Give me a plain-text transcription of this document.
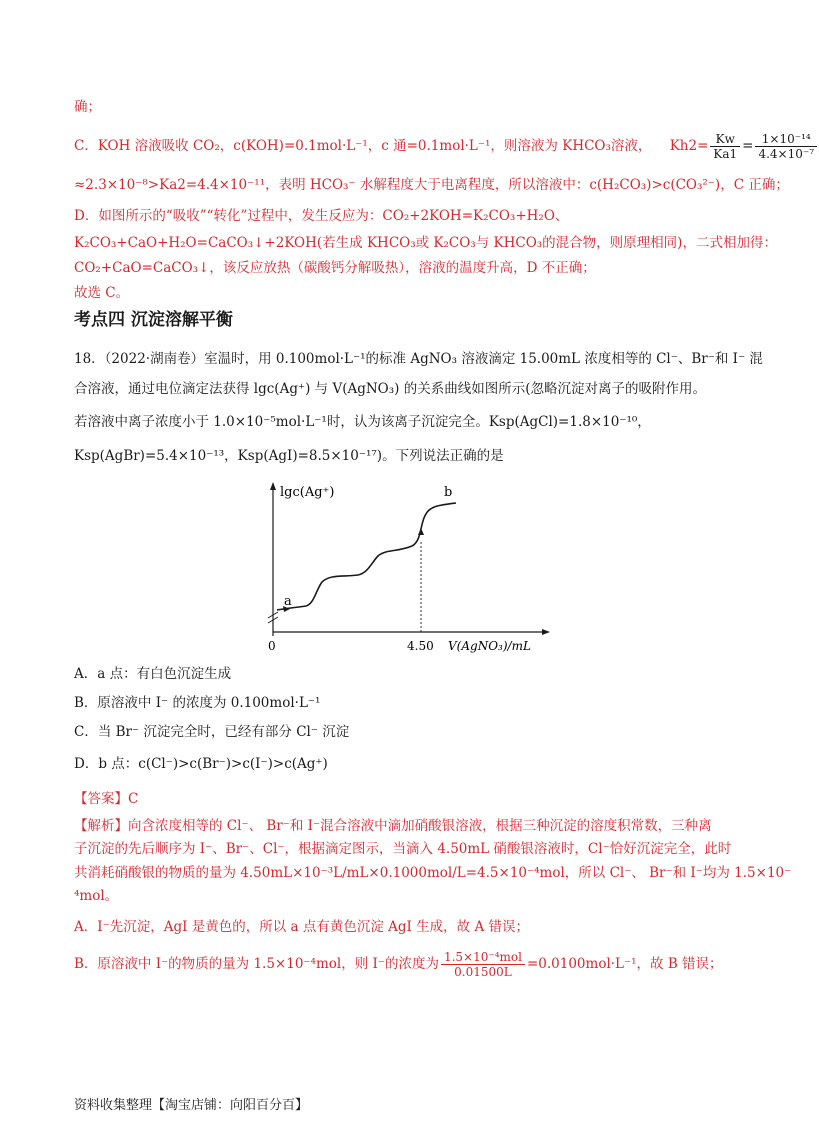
确；
C．KOH 溶液吸收 CO₂，c(KOH)=0.1mol·L⁻¹，c 通=0.1mol·L⁻¹，则溶液为 KHCO₃溶液， $Kh2= \frac{Kw}{Ka1} = \frac{\text{1×10⁻¹⁴}}{\text{4.4×10⁻⁷}}$
≈2.3×10⁻⁸>Ka2=4.4×10⁻¹¹，表明 HCO₃⁻ 水解程度大于电离程度，所以溶液中：c(H₂CO₃)>c(CO₃²⁻)，C 正确；
D．如图所示的“吸收”“转化”过程中，发生反应为：CO₂+2KOH=K₂CO₃+H₂O、
K₂CO₃+CaO+H₂O=CaCO₃↓+2KOH(若生成 KHCO₃或 K₂CO₃与 KHCO₃的混合物，则原理相同)，二式相加得：
CO₂+CaO=CaCO₃↓，该反应放热（碳酸钙分解吸热），溶液的温度升高，D 不正确；
故选 C。
考点四 沉淀溶解平衡
18．（2022·湖南卷）室温时，用 0.100mol·L⁻¹的标准 AgNO₃ 溶液滴定 15.00mL 浓度相等的 Cl⁻、Br⁻和 I⁻ 混
合溶液，通过电位滴定法获得 lgc(Ag⁺) 与 V(AgNO₃) 的关系曲线如图所示(忽略沉淀对离子的吸附作用。
若溶液中离子浓度小于 1.0×10⁻⁵mol·L⁻¹时，认为该离子沉淀完全。Ksp(AgCl)=1.8×10⁻¹⁰，
Ksp(AgBr)=5.4×10⁻¹³，Ksp(AgI)=8.5×10⁻¹⁷)。下列说法正确的是
a
b
lgc(Ag⁺)
0	4.50 V(AgNO₃)/mL
A．a 点：有白色沉淀生成
B．原溶液中 I⁻ 的浓度为 0.100mol·L⁻¹
C．当 Br⁻ 沉淀完全时，已经有部分 Cl⁻ 沉淀
D．b 点：c(Cl⁻)>c(Br⁻)>c(I⁻)>c(Ag⁺)
【答案】C
【解析】向含浓度相等的 Cl⁻、 Br⁻和 I⁻混合溶液中滴加硝酸银溶液，根据三种沉淀的溶度积常数，三种离
子沉淀的先后顺序为 I⁻、Br⁻、Cl⁻，根据滴定图示，当滴入 4.50mL 硝酸银溶液时，Cl⁻恰好沉淀完全，此时
共消耗硝酸银的物质的量为 4.50mL×10⁻³L/mL×0.1000mol/L=4.5×10⁻⁴mol，所以 Cl⁻、 Br⁻和 I⁻均为 1.5×10⁻
⁴mol。
A．I⁻先沉淀，AgI 是黄色的，所以 a 点有黄色沉淀 AgI 生成，故 A 错误；
B．原溶液中 I⁻的物质的量为 1.5×10⁻⁴mol，则 I⁻的浓度为 $\frac{\text{1.5×10⁻⁴mol}}{0.01500L} =0.0100mol\cdot L^{-1}$，故 B 错误；
资料收集整理【淘宝店铺：向阳百分百】
